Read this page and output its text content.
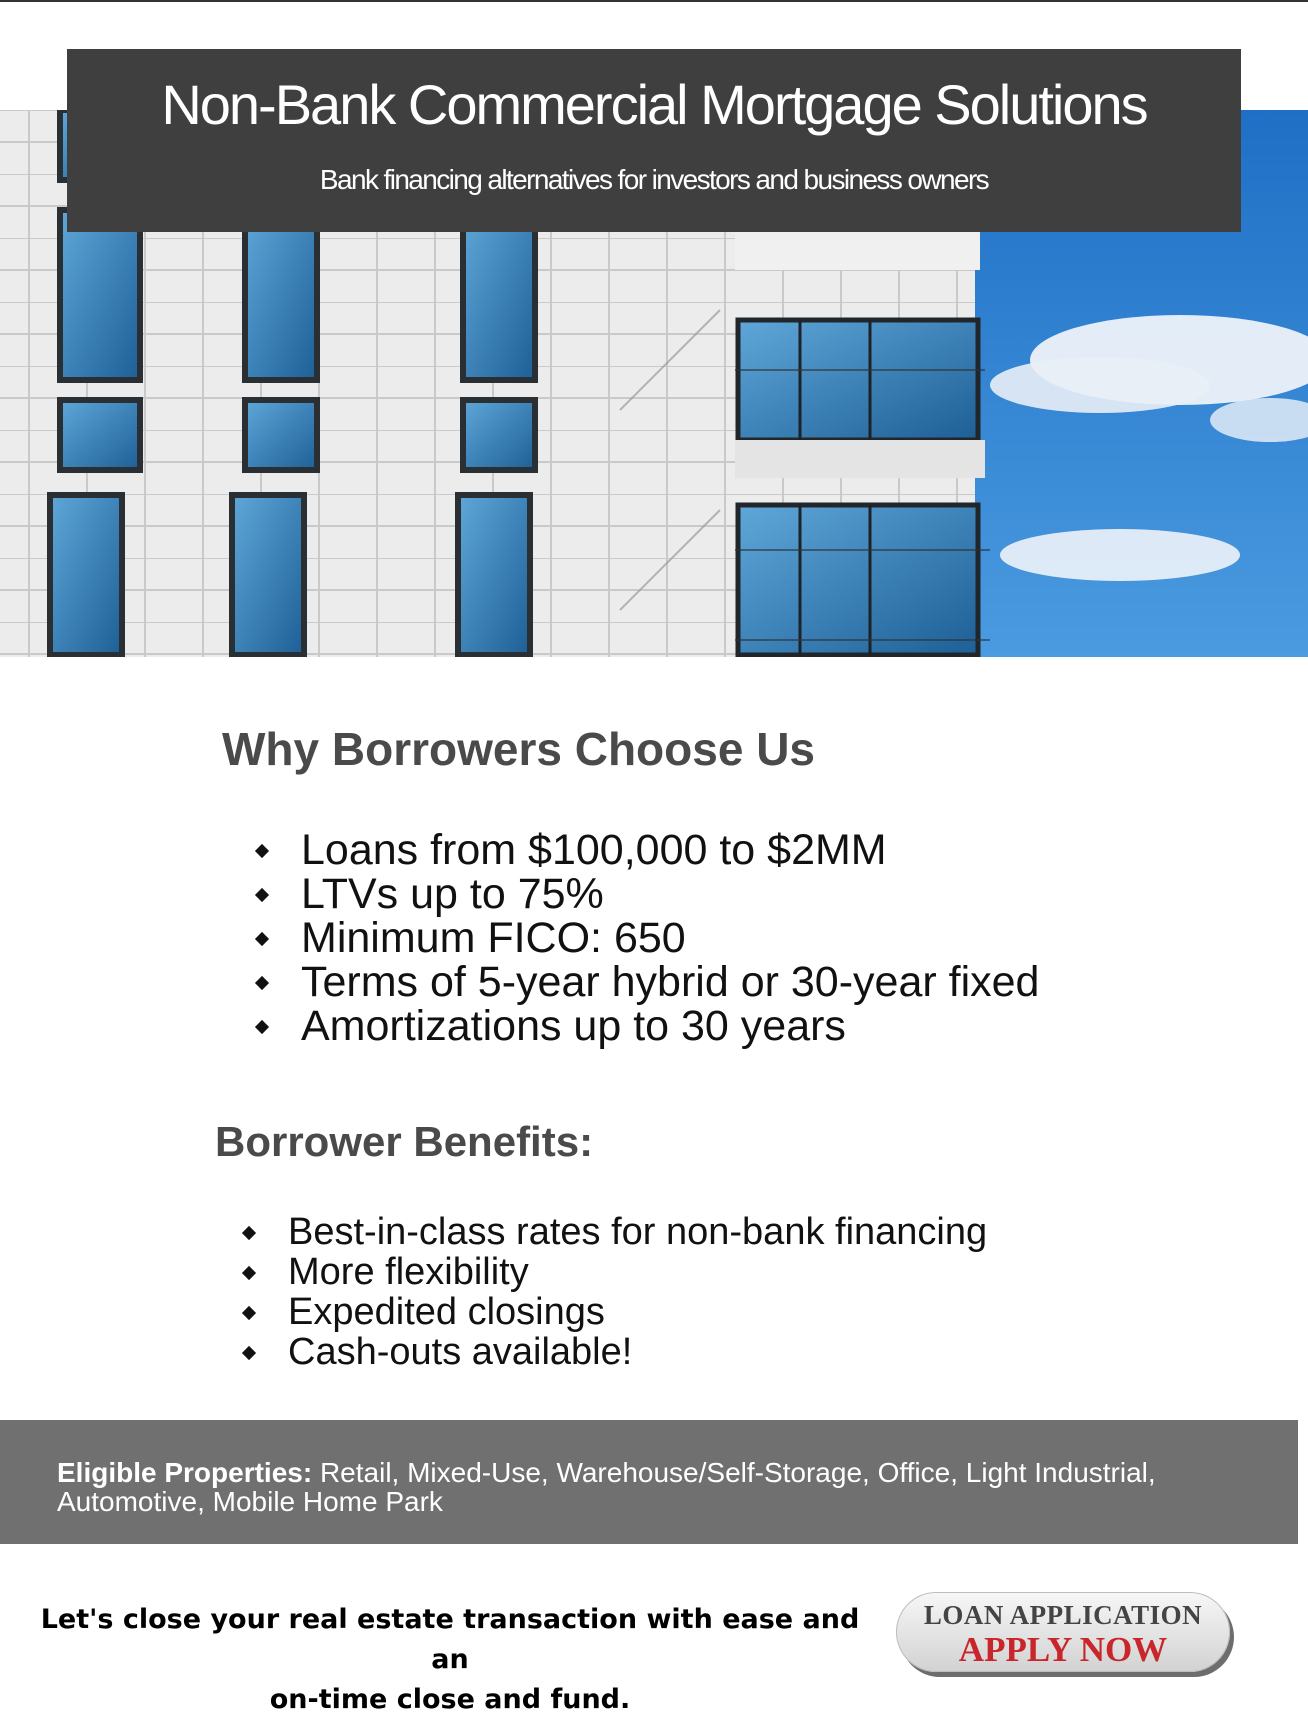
Non-Bank Commercial Mortgage Solutions
Bank financing alternatives for investors and business owners
Why Borrowers Choose Us
Loans from $100,000 to $2MM
LTVs up to 75%
Minimum FICO: 650
Terms of 5-year hybrid or 30-year fixed
Amortizations up to 30 years
Borrower Benefits:
Best-in-class rates for non-bank financing
More flexibility
Expedited closings
Cash-outs available!
Eligible Properties: Retail, Mixed-Use, Warehouse/Self-Storage, Office, Light Industrial, Automotive, Mobile Home Park
Let's close your real estate transaction with ease and an
on-time close and fund.
LOAN APPLICATION
APPLY NOW
